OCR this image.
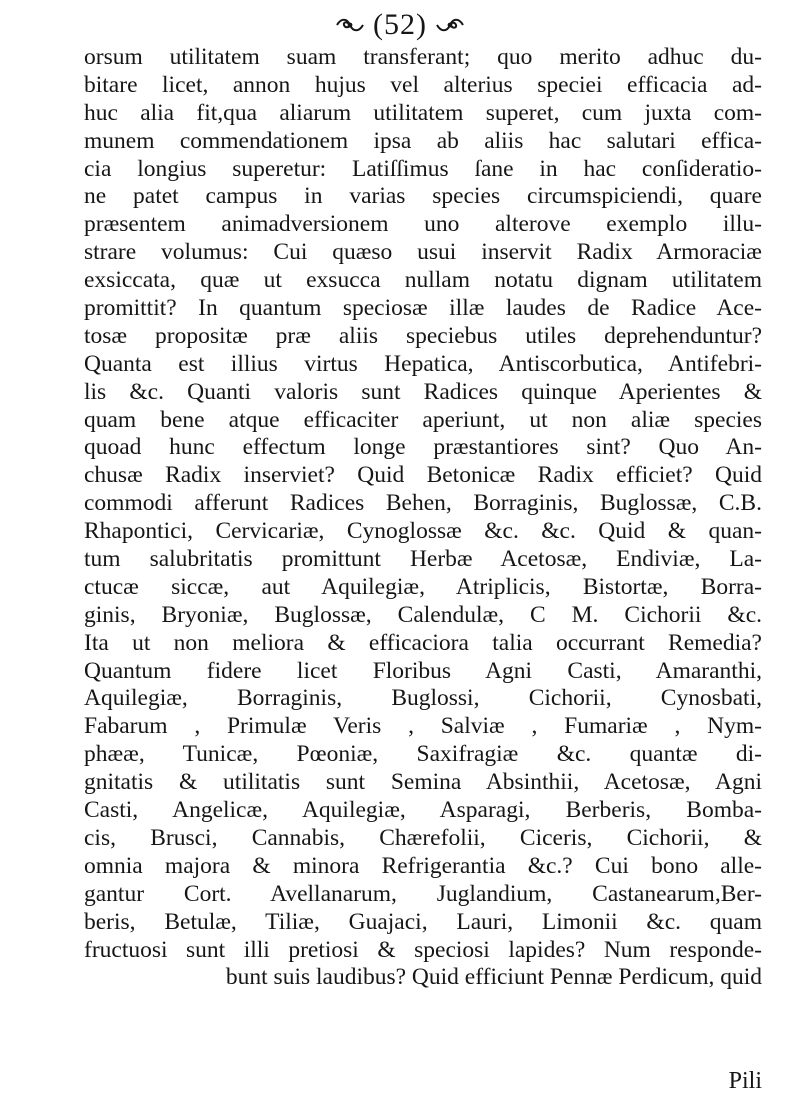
(52)
orsum utilitatem suam transferant; quo merito adhuc du-
bitare licet, annon hujus vel alterius speciei efficacia ad-
huc alia fit,qua aliarum utilitatem superet, cum juxta com-
munem commendationem ipsa ab aliis hac salutari effica-
cia longius superetur: Latiſſimus ſane in hac conſideratio-
ne patet campus in varias species circumspiciendi, quare
præsentem animadversionem uno alterove exemplo illu-
strare volumus: Cui quæso usui inservit Radix Armoraciæ
exsiccata, quæ ut exsucca nullam notatu dignam utilitatem
promittit? In quantum speciosæ illæ laudes de Radice Ace-
tosæ propositæ præ aliis speciebus utiles deprehenduntur?
Quanta est illius virtus Hepatica, Antiscorbutica, Antifebri-
lis &c. Quanti valoris sunt Radices quinque Aperientes &
quam bene atque efficaciter aperiunt, ut non aliæ species
quoad hunc effectum longe præstantiores sint? Quo An-
chusæ Radix inserviet? Quid Betonicæ Radix efficiet? Quid
commodi afferunt Radices Behen, Borraginis, Buglossæ, C.B.
Rhapontici, Cervicariæ, Cynoglossæ &c. &c. Quid & quan-
tum salubritatis promittunt Herbæ Acetosæ, Endiviæ, La-
ctucæ siccæ, aut Aquilegiæ, Atriplicis, Bistortæ, Borra-
ginis, Bryoniæ, Buglossæ, Calendulæ, C M. Cichorii &c.
Ita ut non meliora & efficaciora talia occurrant Remedia?
Quantum fidere licet Floribus Agni Casti, Amaranthi,
Aquilegiæ, Borraginis, Buglossi, Cichorii, Cynosbati,
Fabarum , Primulæ Veris , Salviæ , Fumariæ , Nym-
phææ, Tunicæ, Pœoniæ, Saxifragiæ &c. quantæ di-
gnitatis & utilitatis sunt Semina Absinthii, Acetosæ, Agni
Casti, Angelicæ, Aquilegiæ, Asparagi, Berberis, Bomba-
cis, Brusci, Cannabis, Chærefolii, Ciceris, Cichorii, &
omnia majora & minora Refrigerantia &c.? Cui bono alle-
gantur Cort. Avellanarum, Juglandium, Castanearum,Ber-
beris, Betulæ, Tiliæ, Guajaci, Lauri, Limonii &c. quam
fructuosi sunt illi pretiosi & speciosi lapides? Num responde-
bunt suis laudibus? Quid efficiunt Pennæ Perdicum, quid
Pili
